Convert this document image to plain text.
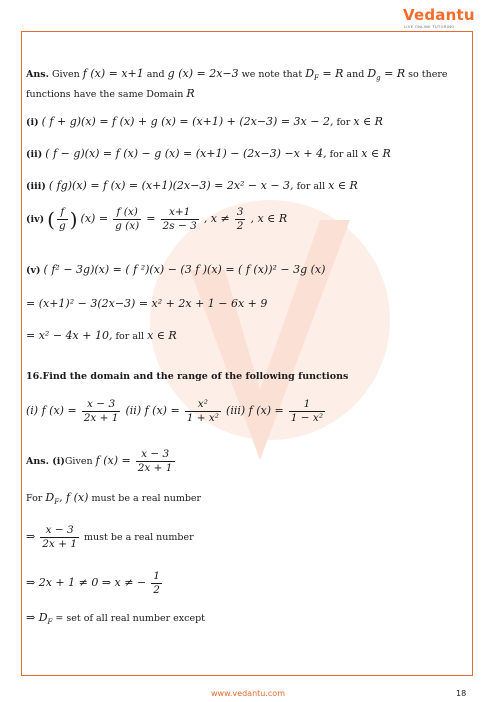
Vedantu
LIVE ONLINE TUTORING
Ans. Given f (x) = x+1 and g (x) = 2x−3 we note that $D_F = R$ and $D_g = R$ so there
functions have the same Domain R
(i) ( f + g)(x) = f (x) + g (x) = (x+1) + (2x−3) = 3x − 2, for x ∈ R
(ii) ( f − g)(x) = f (x) − g (x) = (x+1) − (2x−3) −x + 4, for all x ∈ R
(iii) ( fg)(x) = f (x) = (x+1)(2x−3) = 2x² − x − 3, for all x ∈ R
(iv) ( $\frac{f}{g}$ ) $(x) = \frac{f (x)}{g (x)} = \frac{x+1}{2s - 3}$ , $x \ne \frac{3}{2}$ , x ∈ R
(v) ( f² − 3g)(x) = ( f ²)(x) − (3 f )(x) = ( f (x))² − 3g (x)
= (x+1)² − 3(2x−3) = x² + 2x + 1 − 6x + 9
= x² − 4x + 10, for all x ∈ R
16.Find the domain and the range of the following functions
(i) f $(x) = \frac{x - 3}{2x + 1} (ii)$ f $(x) = \frac{\text{x²}}{\text{1 + x²}} (iii)$ f $(x) = \frac{1}{\text{1 − x²}}$
Ans. (i)Given f $(x) = \frac{x - 3}{2x + 1}$
For $D_F$, f (x) must be a real number
⇒ $\frac{x - 3}{2x + 1}$ must be a real number
⇒ 2x + 1 ≠ 0 ⇒ x ≠ − $\frac{1}{2}$
⇒ $D_F$ = set of all real number except
www.vedantu.com	18
